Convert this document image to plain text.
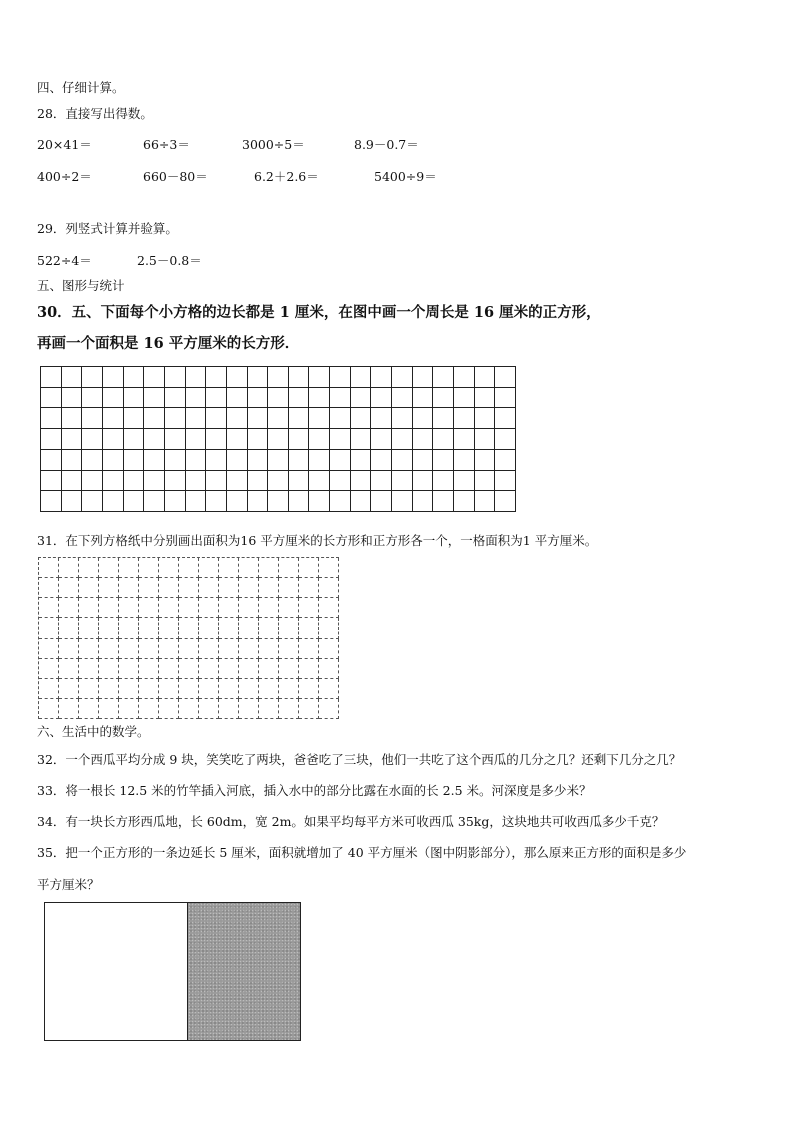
四、仔细计算。
28．直接写出得数。
20×41＝	66÷3＝	3000÷5＝	8.9－0.7＝
400÷2＝	660－80＝	6.2＋2.6＝	5400÷9＝
29．列竖式计算并验算。
522÷4＝	2.5－0.8＝
五、图形与统计
30．五、下面每个小方格的边长都是 1 厘米，在图中画一个周长是 16 厘米的正方形，
再画一个面积是 16 平方厘米的长方形．
31．在下列方格纸中分别画出面积为16 平方厘米的长方形和正方形各一个，一格面积为1 平方厘米。
六、生活中的数学。
32．一个西瓜平均分成 9 块，笑笑吃了两块，爸爸吃了三块，他们一共吃了这个西瓜的几分之几？还剩下几分之几？
33．将一根长 12.5 米的竹竿插入河底，插入水中的部分比露在水面的长 2.5 米。河深度是多少米？
34．有一块长方形西瓜地，长 60dm，宽 2m。如果平均每平方米可收西瓜 35kg，这块地共可收西瓜多少千克？
35．把一个正方形的一条边延长 5 厘米，面积就增加了 40 平方厘米（图中阴影部分），那么原来正方形的面积是多少
平方厘米？
